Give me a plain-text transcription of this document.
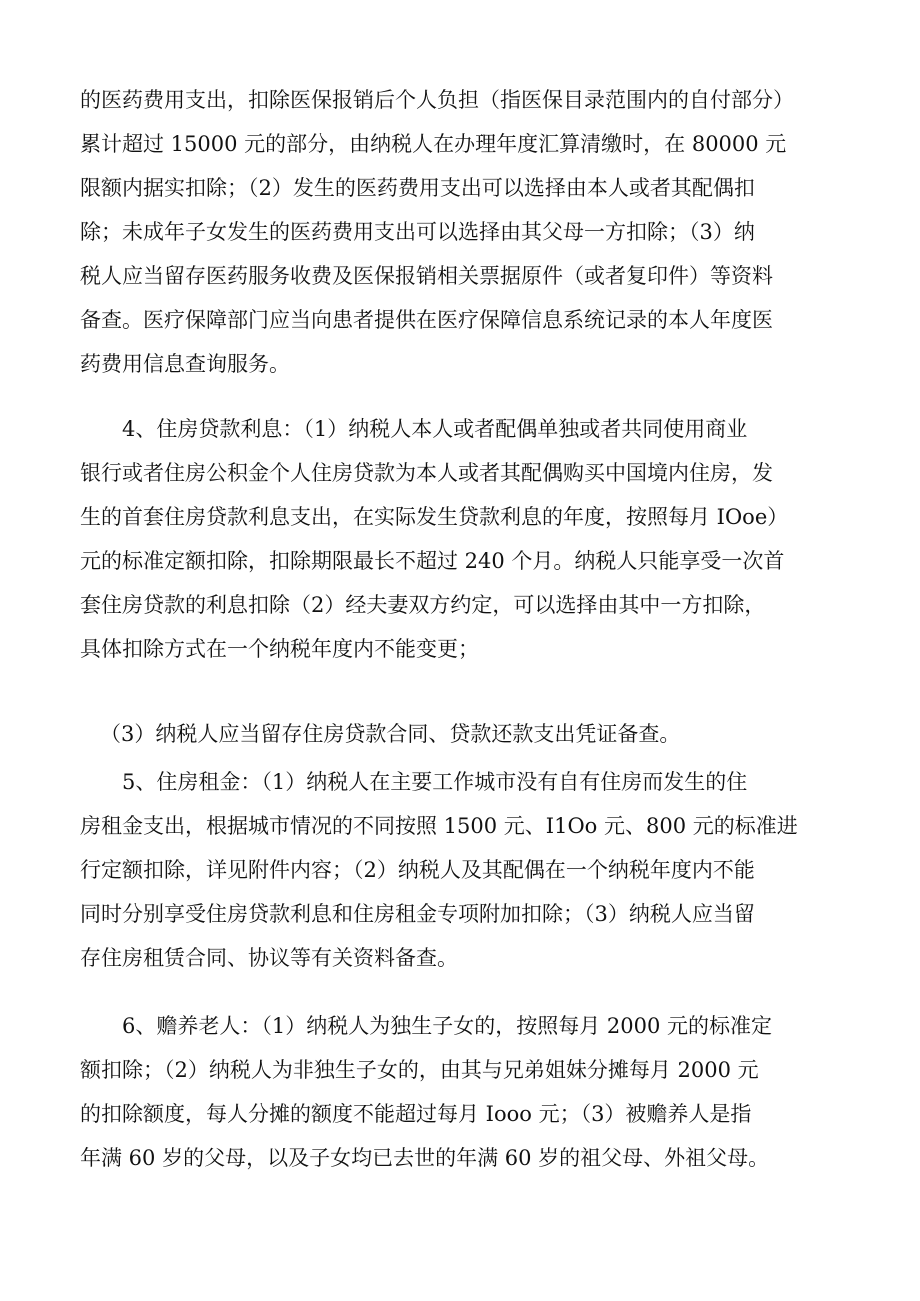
的医药费用支出，扣除医保报销后个人负担（指医保目录范围内的自付部分）
累计超过 15000 元的部分，由纳税人在办理年度汇算清缴时，在 80000 元
限额内据实扣除；（2）发生的医药费用支出可以选择由本人或者其配偶扣
除；未成年子女发生的医药费用支出可以选择由其父母一方扣除；（3）纳
税人应当留存医药服务收费及医保报销相关票据原件（或者复印件）等资料
备查。医疗保障部门应当向患者提供在医疗保障信息系统记录的本人年度医
药费用信息查询服务。
4、住房贷款利息：（1）纳税人本人或者配偶单独或者共同使用商业
银行或者住房公积金个人住房贷款为本人或者其配偶购买中国境内住房，发
生的首套住房贷款利息支出，在实际发生贷款利息的年度，按照每月 IOoe）
元的标准定额扣除，扣除期限最长不超过 240 个月。纳税人只能享受一次首
套住房贷款的利息扣除（2）经夫妻双方约定，可以选择由其中一方扣除，
具体扣除方式在一个纳税年度内不能变更；
（3）纳税人应当留存住房贷款合同、贷款还款支出凭证备查。
5、住房租金：（1）纳税人在主要工作城市没有自有住房而发生的住
房租金支出，根据城市情况的不同按照 1500 元、I1Oo 元、800 元的标准进
行定额扣除，详见附件内容；（2）纳税人及其配偶在一个纳税年度内不能
同时分别享受住房贷款利息和住房租金专项附加扣除；（3）纳税人应当留
存住房租赁合同、协议等有关资料备查。
6、赡养老人：（1）纳税人为独生子女的，按照每月 2000 元的标准定
额扣除；（2）纳税人为非独生子女的，由其与兄弟姐妹分摊每月 2000 元
的扣除额度，每人分摊的额度不能超过每月 Iooo 元；（3）被赡养人是指
年满 60 岁的父母，以及子女均已去世的年满 60 岁的祖父母、外祖父母。
